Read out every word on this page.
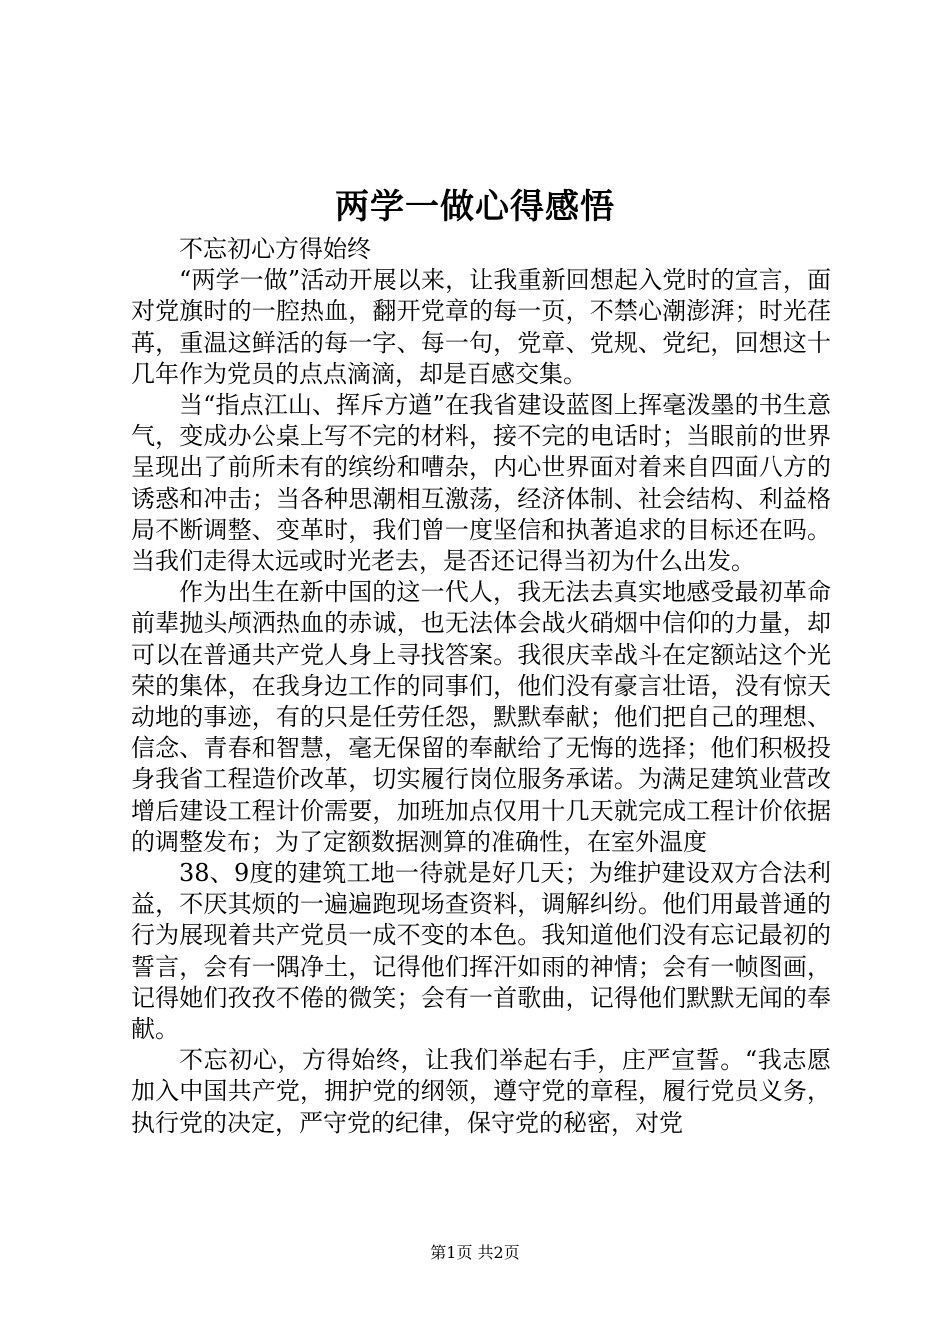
两学一做心得感悟

不忘初心方得始终

“两学一做”活动开展以来，让我重新回想起入党时的宣言，面对党旗时的一腔热血，翻开党章的每一页，不禁心潮澎湃；时光荏苒，重温这鲜活的每一字、每一句，党章、党规、党纪，回想这十几年作为党员的点点滴滴，却是百感交集。

当“指点江山、挥斥方遒”在我省建设蓝图上挥毫泼墨的书生意气，变成办公桌上写不完的材料，接不完的电话时；当眼前的世界呈现出了前所未有的缤纷和嘈杂，内心世界面对着来自四面八方的诱惑和冲击；当各种思潮相互激荡，经济体制、社会结构、利益格局不断调整、变革时，我们曾一度坚信和执著追求的目标还在吗。当我们走得太远或时光老去，是否还记得当初为什么出发。

作为出生在新中国的这一代人，我无法去真实地感受最初革命前辈抛头颅洒热血的赤诚，也无法体会战火硝烟中信仰的力量，却可以在普通共产党人身上寻找答案。我很庆幸战斗在定额站这个光荣的集体，在我身边工作的同事们，他们没有豪言壮语，没有惊天动地的事迹，有的只是任劳任怨，默默奉献；他们把自己的理想、信念、青春和智慧，毫无保留的奉献给了无悔的选择；他们积极投身我省工程造价改革，切实履行岗位服务承诺。为满足建筑业营改增后建设工程计价需要，加班加点仅用十几天就完成工程计价依据的调整发布；为了定额数据测算的准确性，在室外温度

38、9度的建筑工地一待就是好几天；为维护建设双方合法利益，不厌其烦的一遍遍跑现场查资料，调解纠纷。他们用最普通的行为展现着共产党员一成不变的本色。我知道他们没有忘记最初的誓言，会有一隅净土，记得他们挥汗如雨的神情；会有一帧图画，记得她们孜孜不倦的微笑；会有一首歌曲，记得他们默默无闻的奉献。

不忘初心，方得始终，让我们举起右手，庄严宣誓。“我志愿加入中国共产党，拥护党的纲领，遵守党的章程，履行党员义务，执行党的决定，严守党的纪律，保守党的秘密，对党

第1页 共2页
